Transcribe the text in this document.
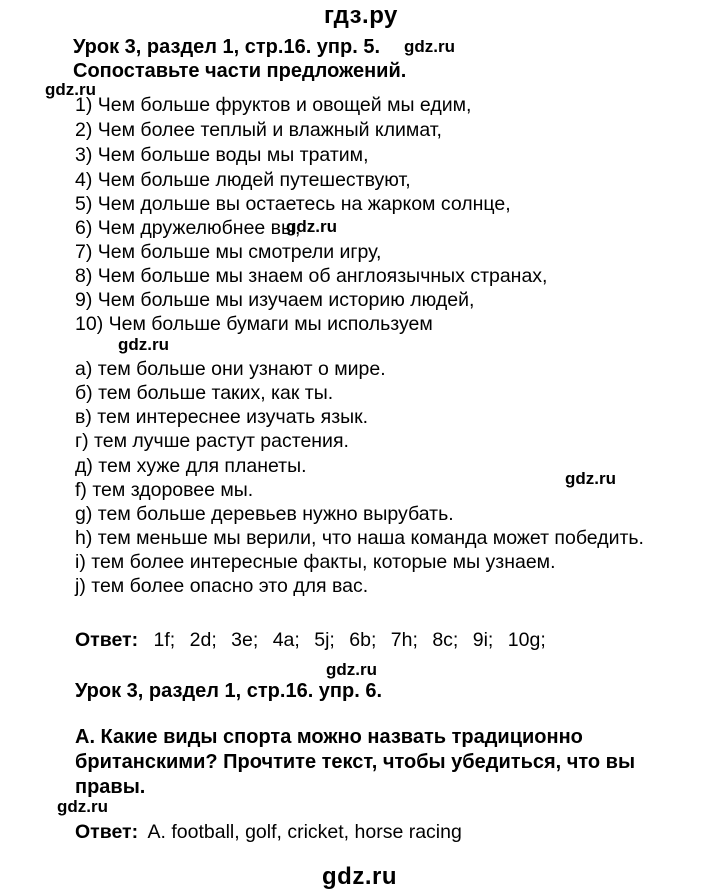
гдз.ру
Урок 3, раздел 1, стр.16. упр. 5. gdz.ru
Сопоставьте части предложений.
gdz.ru
1) Чем больше фруктов и овощей мы едим,
2) Чем более теплый и влажный климат,
3) Чем больше воды мы тратим,
4) Чем больше людей путешествуют,
5) Чем дольше вы остаетесь на жарком солнце,
6) Чем дружелюбнее вы,
gdz.ru
7) Чем больше мы смотрели игру,
8) Чем больше мы знаем об англоязычных странах,
9) Чем больше мы изучаем историю людей,
10) Чем больше бумаги мы используем
gdz.ru
a) тем больше они узнают о мире.
б) тем больше таких, как ты.
в) тем интереснее изучать язык.
г) тем лучше растут растения.
д) тем хуже для планеты.
gdz.ru
f) тем здоровее мы.
g) тем больше деревьев нужно вырубать.
h) тем меньше мы верили, что наша команда может победить.
i) тем более интересные факты, которые мы узнаем.
j) тем более опасно это для вас.
Ответ: 1f; 2d; 3e; 4a; 5j; 6b; 7h; 8c; 9i; 10g;
gdz.ru
Урок 3, раздел 1, стр.16. упр. 6.
А. Какие виды спорта можно назвать традиционно
британскими? Прочтите текст, чтобы убедиться, что вы
правы.
gdz.ru
Ответ: A. football, golf, cricket, horse racing
gdz.ru
